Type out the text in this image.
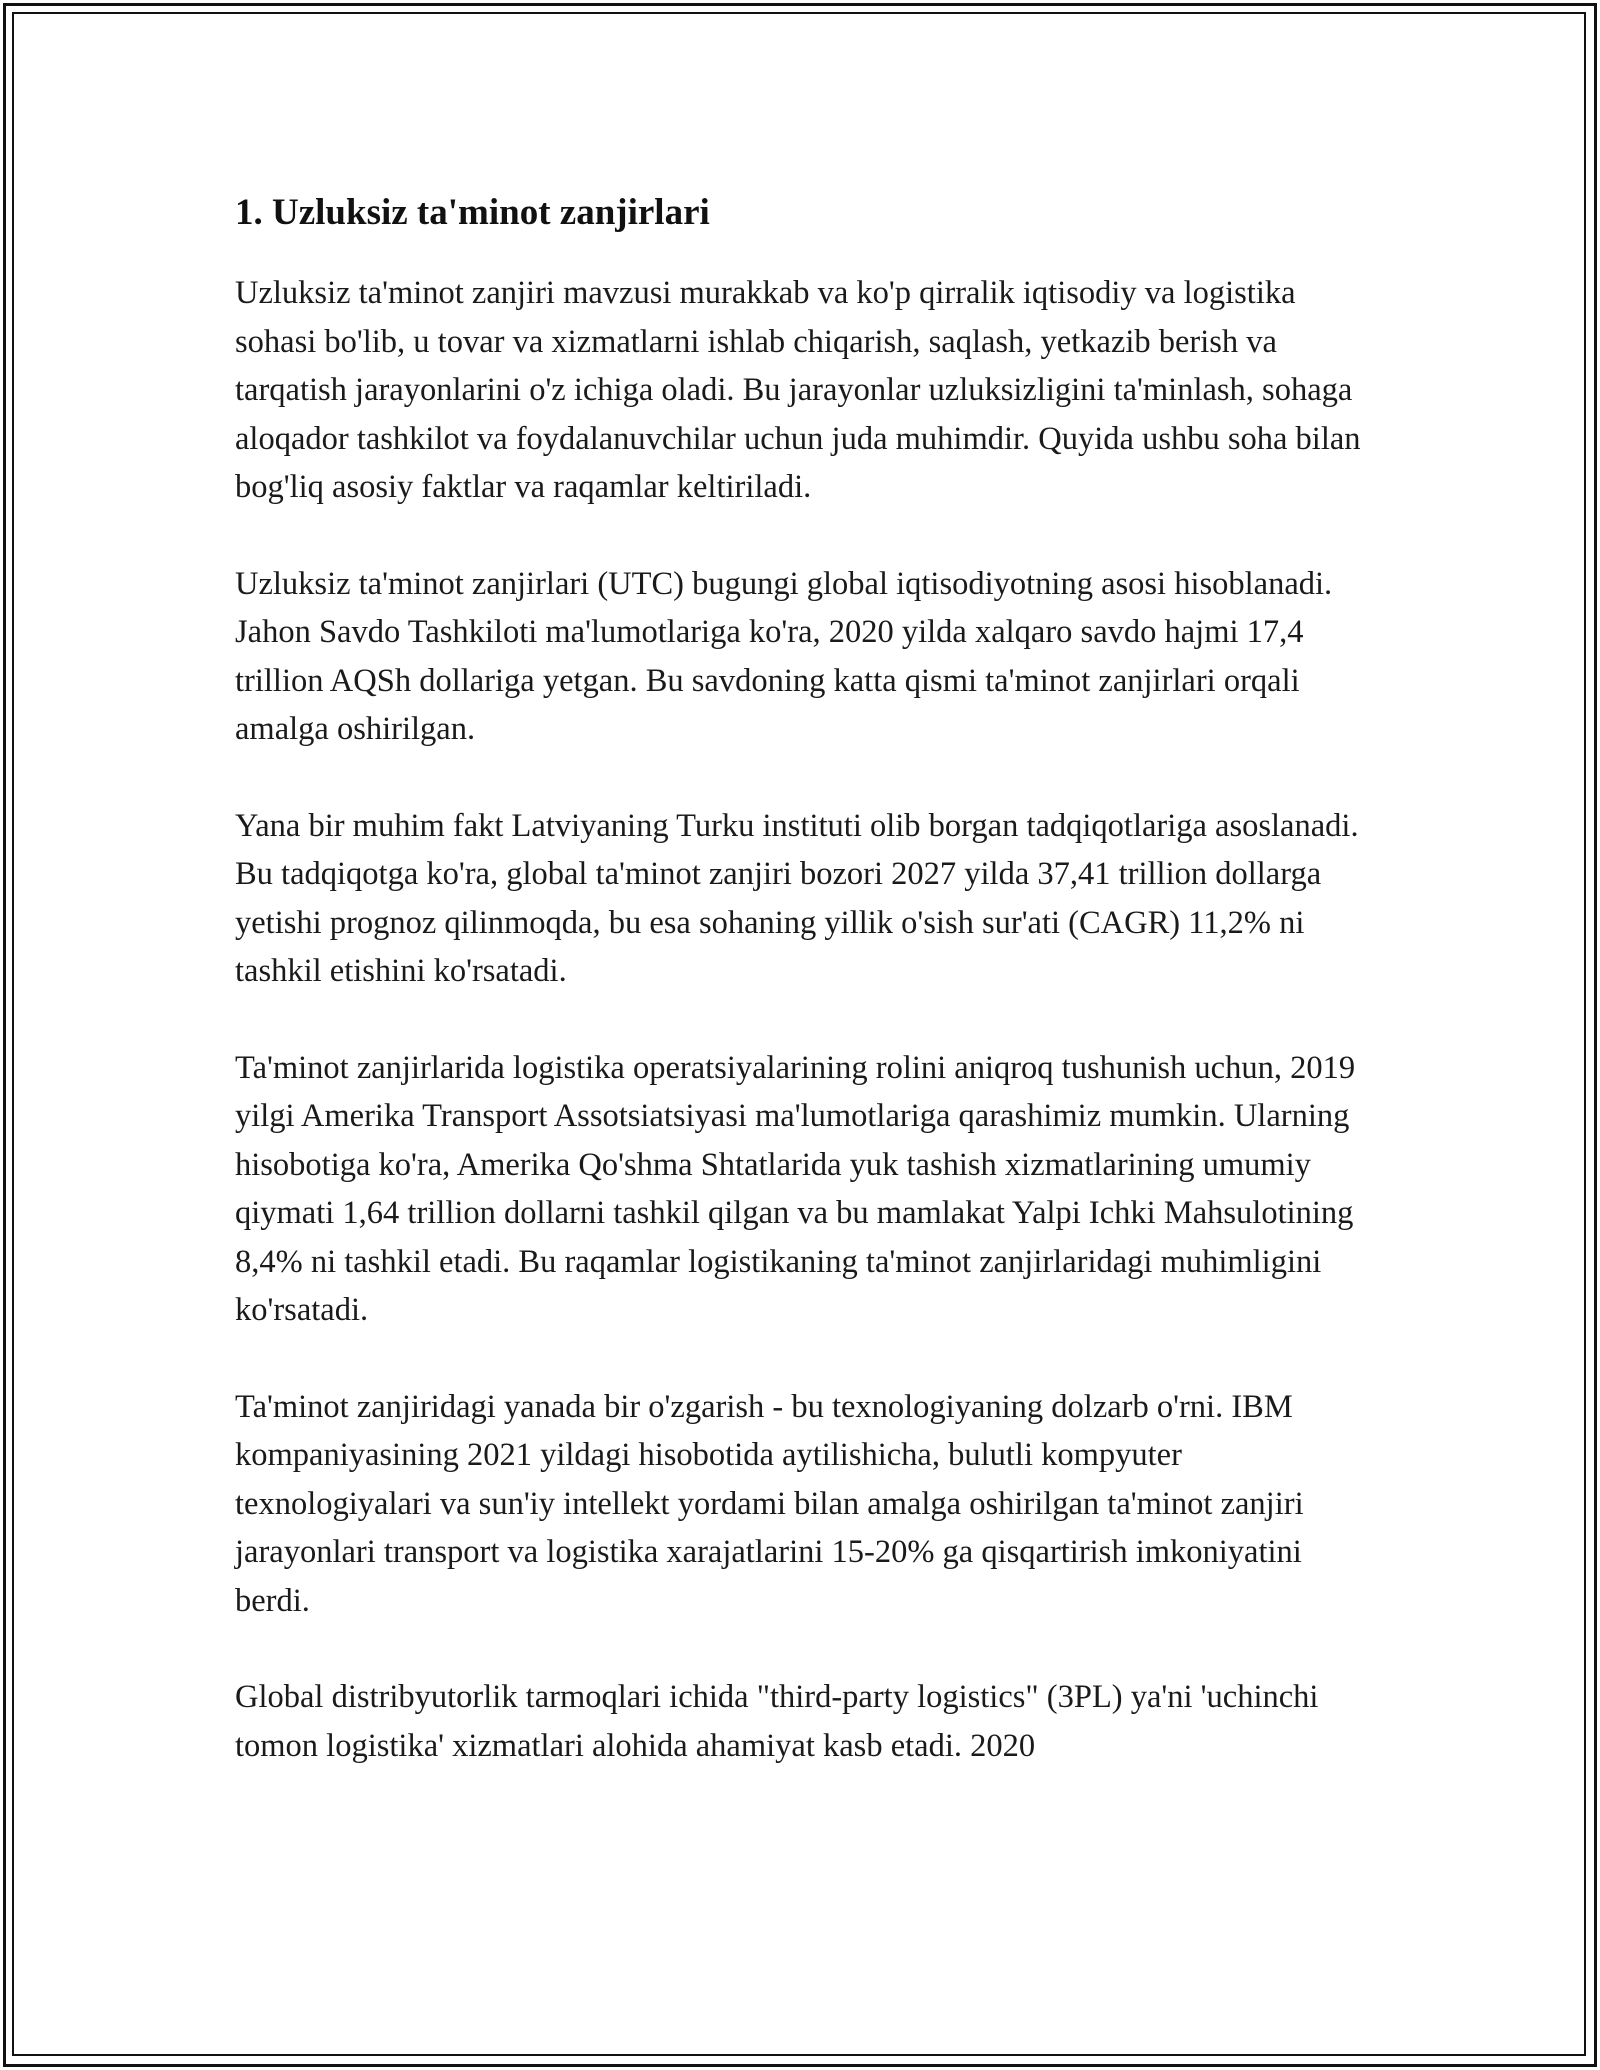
1. Uzluksiz ta'minot zanjirlari

Uzluksiz ta'minot zanjiri mavzusi murakkab va ko'p qirralik iqtisodiy va logistika sohasi bo'lib, u tovar va xizmatlarni ishlab chiqarish, saqlash, yetkazib berish va tarqatish jarayonlarini o'z ichiga oladi. Bu jarayonlar uzluksizligini ta'minlash, sohaga aloqador tashkilot va foydalanuvchilar uchun juda muhimdir. Quyida ushbu soha bilan bog'liq asosiy faktlar va raqamlar keltiriladi.

Uzluksiz ta'minot zanjirlari (UTC) bugungi global iqtisodiyotning asosi hisoblanadi. Jahon Savdo Tashkiloti ma'lumotlariga ko'ra, 2020 yilda xalqaro savdo hajmi 17,4 trillion AQSh dollariga yetgan. Bu savdoning katta qismi ta'minot zanjirlari orqali amalga oshirilgan.

Yana bir muhim fakt Latviyaning Turku instituti olib borgan tadqiqotlariga asoslanadi. Bu tadqiqotga ko'ra, global ta'minot zanjiri bozori 2027 yilda 37,41 trillion dollarga yetishi prognoz qilinmoqda, bu esa sohaning yillik o'sish sur'ati (CAGR) 11,2% ni tashkil etishini ko'rsatadi.

Ta'minot zanjirlarida logistika operatsiyalarining rolini aniqroq tushunish uchun, 2019 yilgi Amerika Transport Assotsiatsiyasi ma'lumotlariga qarashimiz mumkin. Ularning hisobotiga ko'ra, Amerika Qo'shma Shtatlarida yuk tashish xizmatlarining umumiy qiymati 1,64 trillion dollarni tashkil qilgan va bu mamlakat Yalpi Ichki Mahsulotining 8,4% ni tashkil etadi. Bu raqamlar logistikaning ta'minot zanjirlaridagi muhimligini ko'rsatadi.

Ta'minot zanjiridagi yanada bir o'zgarish - bu texnologiyaning dolzarb o'rni. IBM kompaniyasining 2021 yildagi hisobotida aytilishicha, bulutli kompyuter texnologiyalari va sun'iy intellekt yordami bilan amalga oshirilgan ta'minot zanjiri jarayonlari transport va logistika xarajatlarini 15-20% ga qisqartirish imkoniyatini berdi.

Global distribyutorlik tarmoqlari ichida "third-party logistics" (3PL) ya'ni 'uchinchi tomon logistika' xizmatlari alohida ahamiyat kasb etadi. 2020
